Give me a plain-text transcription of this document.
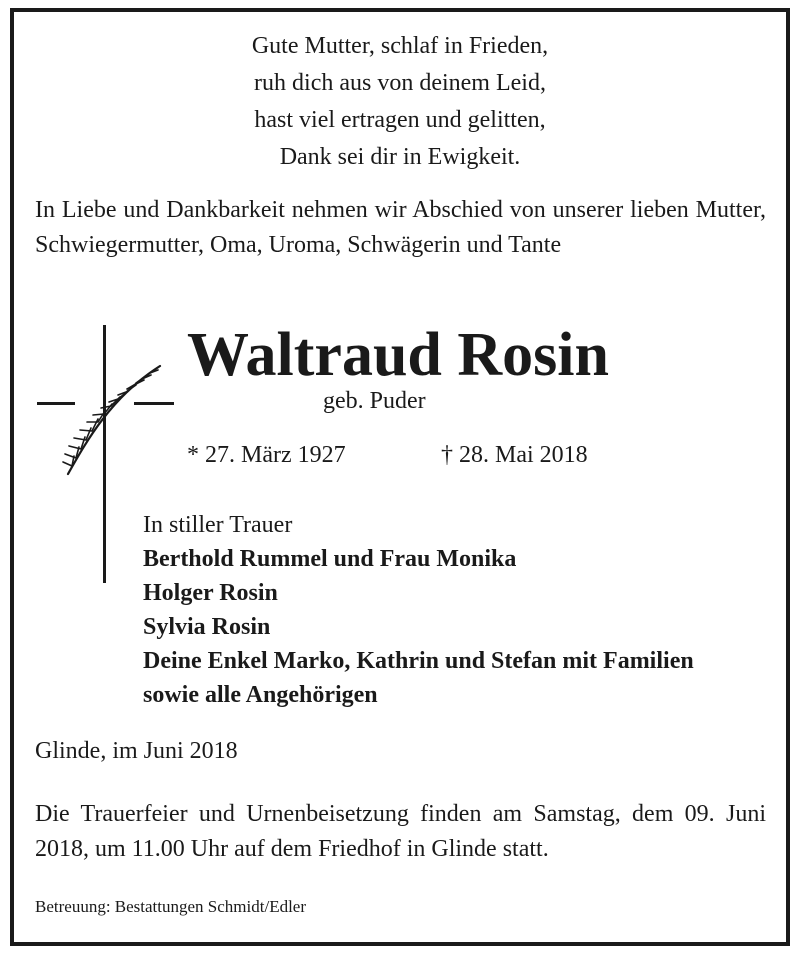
Gute Mutter, schlaf in Frieden,
ruh dich aus von deinem Leid,
hast viel ertragen und gelitten,
Dank sei dir in Ewigkeit.
In Liebe und Dankbarkeit nehmen wir Abschied von unserer lieben Mutter, Schwiegermutter, Oma, Uroma, Schwägerin und Tante
Waltraud Rosin
geb. Puder
* 27. März 1927	† 28. Mai 2018
In stiller Trauer
Berthold Rummel und Frau Monika
Holger Rosin
Sylvia Rosin
Deine Enkel Marko, Kathrin und Stefan mit Familien
sowie alle Angehörigen
Glinde, im Juni 2018
Die Trauerfeier und Urnenbeisetzung finden am Samstag, dem 09. Juni 2018, um 11.00 Uhr auf dem Friedhof in Glinde statt.
Betreuung: Bestattungen Schmidt/Edler
